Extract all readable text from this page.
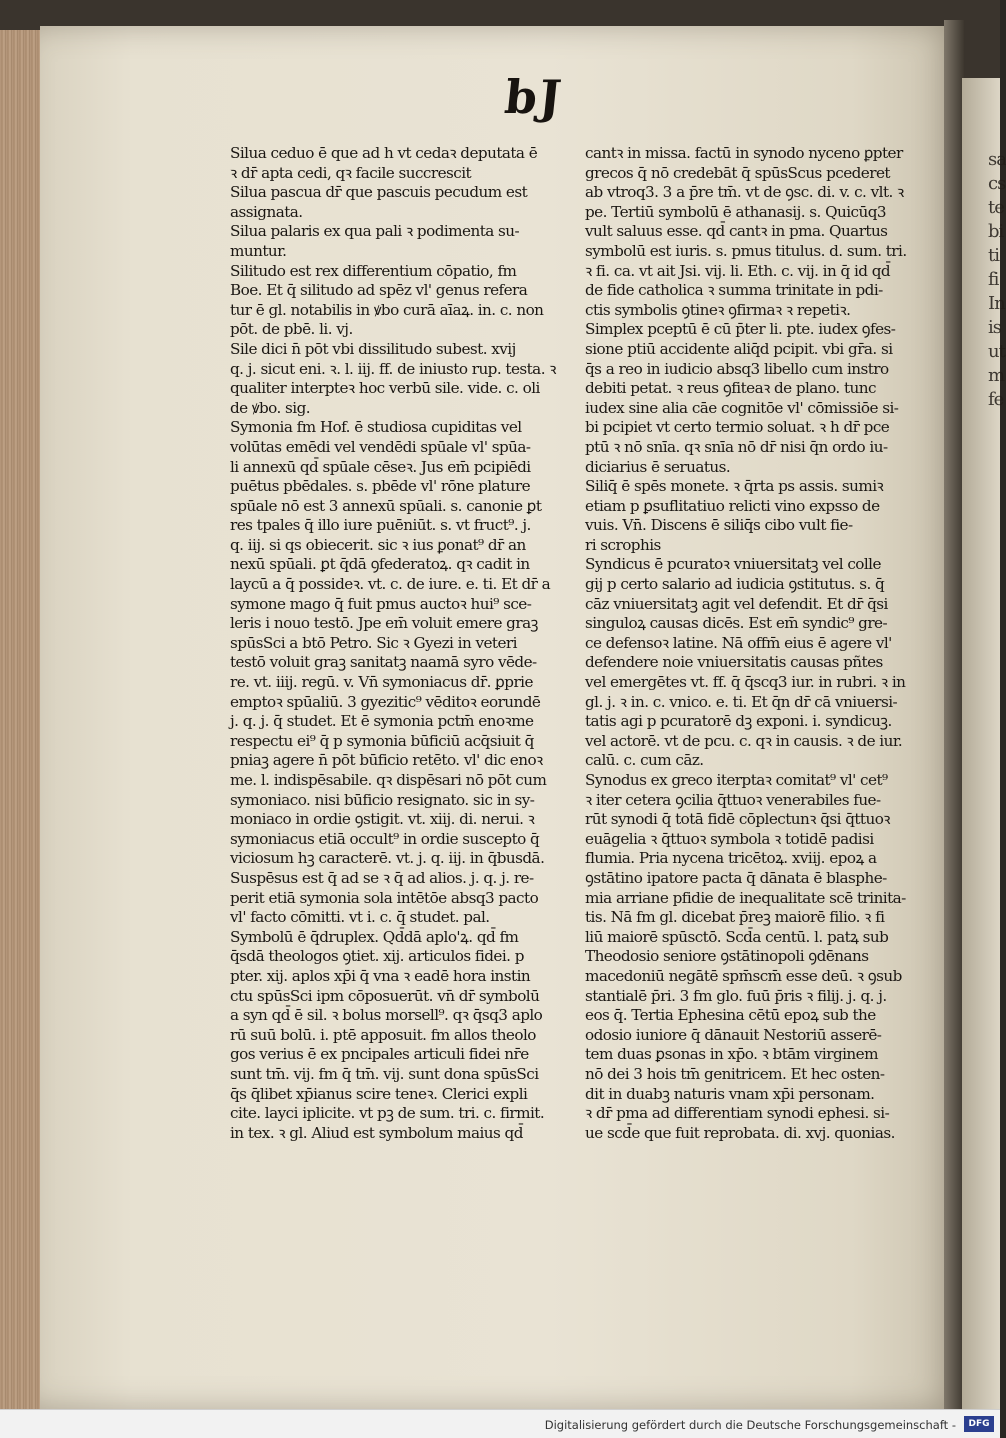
sa
cs
te
bi
ti
fi
In
is
ut
m
fe
bJ
Silua ceduo ē que ad h vt cedaꝛ deputata ē
ꝛ dr̄ apta cedi, qꝛ facile succrescit
Silua pascua dr̄ que pascuis pecudum est
assignata.
Silua palaris ex qua pali ꝛ podimenta su-
muntur.
Silitudo est rex differentium cōpatio, fm
Boe. Et q̄ silitudo ad spēz vl' genus refera
tur ē gl. notabilis in ꝟbo curā aīaꝝ. in. c. non
pōt. de pbē. li. vj.
Sile dici n̄ pōt vbi dissilitudo subest. xvij
q. j. sicut eni. ꝛ. l. iij. ff. de iniusto rup. testa. ꝛ
qualiter interpteꝛ hoc verbū sile. vide. c. oli
de ꝟbo. sig.
Symonia fm Hof. ē studiosa cupiditas vel
volūtas emēdi vel vendēdi spūale vl' spūa-
li annexū qd̄ spūale cēseꝛ. Jus em̄ pcipiēdi
puētus pbēdales. s. pbēde vl' rōne plature
spūale nō est 3 annexū spūali. s. canonie ꝑt
res tpales q̄ illo iure puēniūt. s. vt fruct⁹. j.
q. iij. si qs obiecerit. sic ꝛ ius ꝑonat⁹ dr̄ an
nexū spūali. ꝑt q̄dā ꝯfederatoꝝ. qꝛ cadit in
laycū a q̄ possideꝛ. vt. c. de iure. e. ti. Et dr̄ a
symone mago q̄ fuit pmus auctoꝛ hui⁹ sce-
leris i nouo testō. Jpe em̄ voluit emere graꝫ
spūsSci a btō Petro. Sic ꝛ Gyezi in veteri
testō voluit graꝫ sanitatꝫ naamā syro vēde-
re. vt. iiij. regū. v. Vn̄ symoniacus dr̄. ꝑprie
emptoꝛ spūaliū. 3 gyezitic⁹ vēditoꝛ eorundē
j. q. j. q̄ studet. Et ē symonia pctm̄ enoꝛme
respectu ei⁹ q̄ p symonia būficiū acq̄siuit q̄
pniaꝫ agere n̄ pōt būficio retēto. vl' dic enoꝛ
me. l. indispēsabile. qꝛ dispēsari nō pōt cum
symoniaco. nisi būficio resignato. sic in sy-
moniaco in ordie ꝯstigit. vt. xiij. di. nerui. ꝛ
symoniacus etiā occult⁹ in ordie suscepto q̄
viciosum hꝫ caracterē. vt. j. q. iij. in q̄busdā.
Suspēsus est q̄ ad se ꝛ q̄ ad alios. j. q. j. re-
perit etiā symonia sola intētōe absq3 pacto
vl' facto cōmitti. vt i. c. q̄ studet. pal.
Symbolū ē q̄druplex. Qd̄dā aplo'ꝝ. qd̄ fm
q̄sdā theologos ꝯtiet. xij. articulos fidei. p
pter. xij. aplos xp̄i q̄ vna ꝛ eadē hora instin
ctu spūsSci ipm cōposuerūt. vn̄ dr̄ symbolū
a syn qd̄ ē sil. ꝛ bolus morsell⁹. qꝛ q̄sq3 aplo
rū suū bolū. i. ptē apposuit. fm allos theolo
gos verius ē ex pncipales articuli fidei nr̄e
sunt tm̄. vij. fm q̄ tm̄. vij. sunt dona spūsSci
q̄s q̄libet xp̄ianus scire teneꝛ. Clerici expli
cite. layci iplicite. vt pꝫ de sum. tri. c. firmit.
in tex. ꝛ gl. Aliud est symbolum maius qd̄
cantꝛ in missa. factū in synodo nyceno ꝑpter
grecos q̄ nō credebāt q̄ spūsScus pcederet
ab vtroq3. 3 a p̄re tm̄. vt de ꝯsc. di. v. c. vlt. ꝛ
pe. Tertiū symbolū ē athanasij. s. Quicūq3
vult saluus esse. qd̄ cantꝛ in pma. Quartus
symbolū est iuris. s. pmus titulus. d. sum. tri.
ꝛ fi. ca. vt ait Jsi. vij. li. Eth. c. vij. in q̄ id qd̄
de fide catholica ꝛ summa trinitate in pdi-
ctis symbolis ꝯtineꝛ ꝯfirmaꝛ ꝛ repetiꝛ.
Simplex pceptū ē cū p̄ter li. pte. iudex ꝯfes-
sione ptiū accidente aliq̄d pcipit. vbi gr̄a. si
q̄s a reo in iudicio absq3 libello cum instro
debiti petat. ꝛ reus ꝯfiteaꝛ de plano. tunc
iudex sine alia cāe cognitōe vl' cōmissiōe si-
bi pcipiet vt certo termio soluat. ꝛ h dr̄ pce
ptū ꝛ nō snīa. qꝛ snīa nō dr̄ nisi q̄n ordo iu-
diciarius ē seruatus.
Siliq̄ ē spēs monete. ꝛ q̄rta ps assis. sumiꝛ
etiam p ꝑsuflitatiuo relicti vino expsso de
vuis. Vn̄. Discens ē siliq̄s cibo vult fie-
ri scrophis
Syndicus ē pcuratoꝛ vniuersitatꝫ vel colle
gij p certo salario ad iudicia ꝯstitutus. s. q̄
cāz vniuersitatꝫ agit vel defendit. Et dr̄ q̄si
singuloꝝ causas dicēs. Est em̄ syndic⁹ gre-
ce defensoꝛ latine. Nā offm̄ eius ē agere vl'
defendere noie vniuersitatis causas pñtes
vel emergētes vt. ff. q̄ q̄scq3 iur. in rubri. ꝛ in
gl. j. ꝛ in. c. vnico. e. ti. Et q̄n dr̄ cā vniuersi-
tatis agi p pcuratorē dꝫ exponi. i. syndicuꝫ.
vel actorē. vt de pcu. c. qꝛ in causis. ꝛ de iur.
calū. c. cum cāz.
Synodus ex greco iterptaꝛ comitat⁹ vl' cet⁹
ꝛ iter cetera ꝯcilia q̄ttuoꝛ venerabiles fue-
rūt synodi q̄ totā fidē cōplectunꝛ q̄si q̄ttuoꝛ
euāgelia ꝛ q̄ttuoꝛ symbola ꝛ totidē padisi
flumia. Pria nycena tricētoꝝ. xviij. epoꝝ a
ꝯstātino ipatore pacta q̄ dānata ē blasphe-
mia arriane pfidie de inequalitate scē trinita-
tis. Nā fm gl. dicebat p̄reꝫ maiorē filio. ꝛ fi
liū maiorē spūsctō. Scd̄a centū. l. patꝝ sub
Theodosio seniore ꝯstātinopoli ꝯdēnans
macedoniū negātē spm̄scm̄ esse deū. ꝛ ꝯsub
stantialē p̄ri. 3 fm glo. fuū p̄ris ꝛ filij. j. q. j.
eos q̄. Tertia Ephesina cētū epoꝝ sub the
odosio iuniore q̄ dānauit Nestoriū asserē-
tem duas ꝑsonas in xp̄o. ꝛ btām virginem
nō dei 3 hois tm̄ genitricem. Et hec osten-
dit in duabꝫ naturis vnam xp̄i personam.
ꝛ dr̄ pma ad differentiam synodi ephesi. si-
ue scd̄e que fuit reprobata. di. xvj. quonias.
Digitalisierung gefördert durch die Deutsche Forschungsgemeinschaft -	DFG
